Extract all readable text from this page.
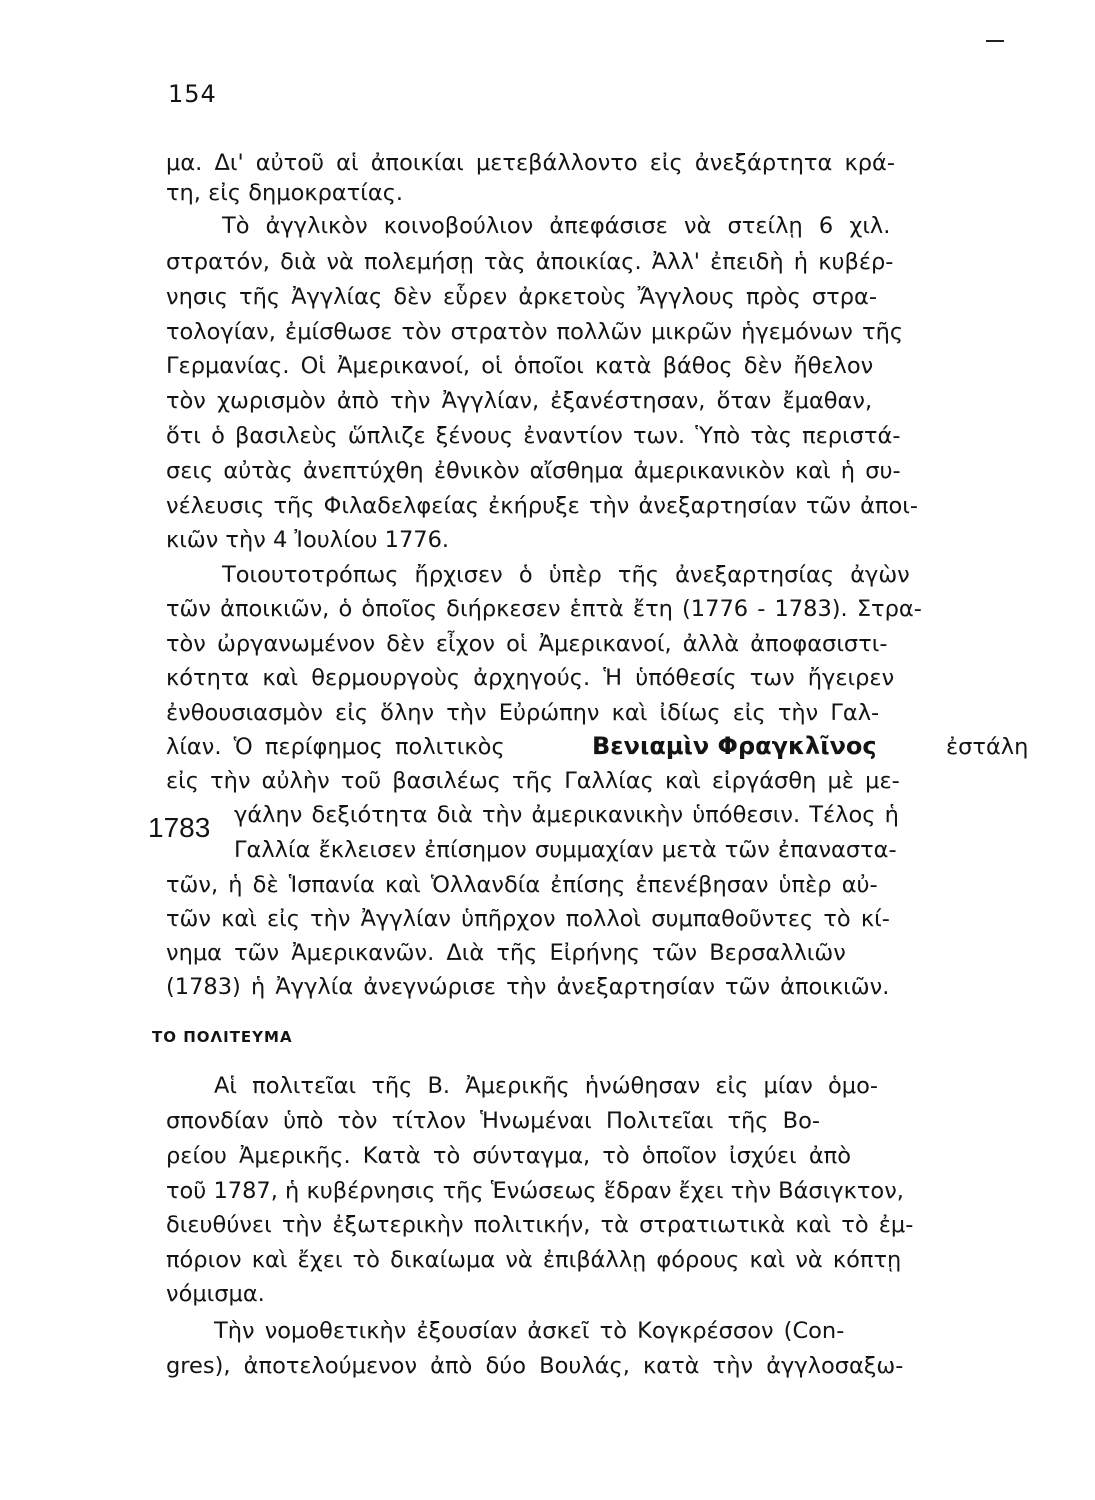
154
μα. Δι' αὐτοῦ αἱ ἀποικίαι μετεβάλλοντο εἰς ἀνεξάρτητα κρά-
τη, εἰς δημοκρατίας.
Τὸ ἀγγλικὸν κοινοβούλιον ἀπεφάσισε νὰ στείλῃ 6 χιλ.
στρατόν, διὰ νὰ πολεμήσῃ τὰς ἀποικίας. Ἀλλ' ἐπειδὴ ἡ κυβέρ-
νησις τῆς Ἀγγλίας δὲν εὗρεν ἀρκετοὺς Ἄγγλους πρὸς στρα-
τολογίαν, ἐμίσθωσε τὸν στρατὸν πολλῶν μικρῶν ἡγεμόνων τῆς
Γερμανίας. Οἱ Ἀμερικανοί, οἱ ὁποῖοι κατὰ βάθος δὲν ἤθελον
τὸν χωρισμὸν ἀπὸ τὴν Ἀγγλίαν, ἐξανέστησαν, ὅταν ἔμαθαν,
ὅτι ὁ βασιλεὺς ὥπλιζε ξένους ἐναντίον των. Ὑπὸ τὰς περιστά-
σεις αὐτὰς ἀνεπτύχθη ἐθνικὸν αἴσθημα ἀμερικανικὸν καὶ ἡ συ-
νέλευσις τῆς Φιλαδελφείας ἐκήρυξε τὴν ἀνεξαρτησίαν τῶν ἀποι-
κιῶν τὴν 4 Ἰουλίου 1776.
Τοιουτοτρόπως ἤρχισεν ὁ ὑπὲρ τῆς ἀνεξαρτησίας ἀγὼν
τῶν ἀποικιῶν, ὁ ὁποῖος διήρκεσεν ἑπτὰ ἔτη (1776 - 1783). Στρα-
τὸν ὠργανωμένον δὲν εἶχον οἱ Ἀμερικανοί, ἀλλὰ ἀποφασιστι-
κότητα καὶ θερμουργοὺς ἀρχηγούς. Ἡ ὑπόθεσίς των ἤγειρεν
ἐνθουσιασμὸν εἰς ὅλην τὴν Εὐρώπην καὶ ἰδίως εἰς τὴν Γαλ-
λίαν. Ὁ περίφημος πολιτικὸς	Βενιαμὶν Φραγκλῖνος	ἐστάλη
εἰς τὴν αὐλὴν τοῦ βασιλέως τῆς Γαλλίας καὶ εἰργάσθη μὲ με-
1783 γάλην δεξιότητα διὰ τὴν ἀμερικανικὴν ὑπόθεσιν. Τέλος ἡ
Γαλλία ἔκλεισεν ἐπίσημον συμμαχίαν μετὰ τῶν ἐπαναστα-
τῶν, ἡ δὲ Ἱσπανία καὶ Ὁλλανδία ἐπίσης ἐπενέβησαν ὑπὲρ αὐ-
τῶν καὶ εἰς τὴν Ἀγγλίαν ὑπῆρχον πολλοὶ συμπαθοῦντες τὸ κί-
νημα τῶν Ἀμερικανῶν. Διὰ τῆς Εἰρήνης τῶν Βερσαλλιῶν
(1783) ἡ Ἀγγλία ἀνεγνώρισε τὴν ἀνεξαρτησίαν τῶν ἀποικιῶν.
ΤΟ ΠΟΛΙΤΕΥΜΑ
Αἱ πολιτεῖαι τῆς Β. Ἀμερικῆς ἡνώθησαν εἰς μίαν ὁμο-
σπονδίαν ὑπὸ τὸν τίτλον Ἡνωμέναι Πολιτεῖαι τῆς Βο-
ρείου Ἀμερικῆς. Κατὰ τὸ σύνταγμα, τὸ ὁποῖον ἰσχύει ἀπὸ
τοῦ 1787, ἡ κυβέρνησις τῆς Ἑνώσεως ἕδραν ἔχει τὴν Βάσιγκτον,
διευθύνει τὴν ἐξωτερικὴν πολιτικήν, τὰ στρατιωτικὰ καὶ τὸ ἐμ-
πόριον καὶ ἔχει τὸ δικαίωμα νὰ ἐπιβάλλῃ φόρους καὶ νὰ κόπτῃ
νόμισμα.
Τὴν νομοθετικὴν ἐξουσίαν ἀσκεῖ τὸ Κογκρέσσον (Con-
gres), ἀποτελούμενον ἀπὸ δύο Βουλάς, κατὰ τὴν ἀγγλοσαξω-
